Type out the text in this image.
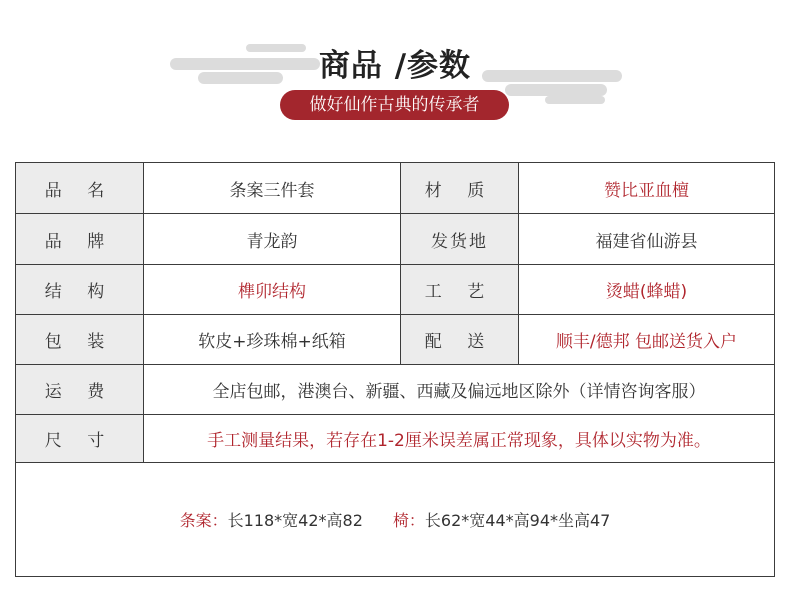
商品 /参数
做好仙作古典的传承者
品 名	条案三件套	材 质	赞比亚血檀
品 牌	青龙韵	发货地	福建省仙游县
结 构	榫卯结构	工 艺	烫蜡(蜂蜡)
包 装	软皮+珍珠棉+纸箱	配 送	顺丰/德邦 包邮送货入户
运 费	全店包邮，港澳台、新疆、西藏及偏远地区除外（详情咨询客服）
尺 寸	手工测量结果，若存在1-2厘米误差属正常现象，具体以实物为准。
条案： 长118*宽42*高82 椅： 长62*宽44*高94*坐高47
